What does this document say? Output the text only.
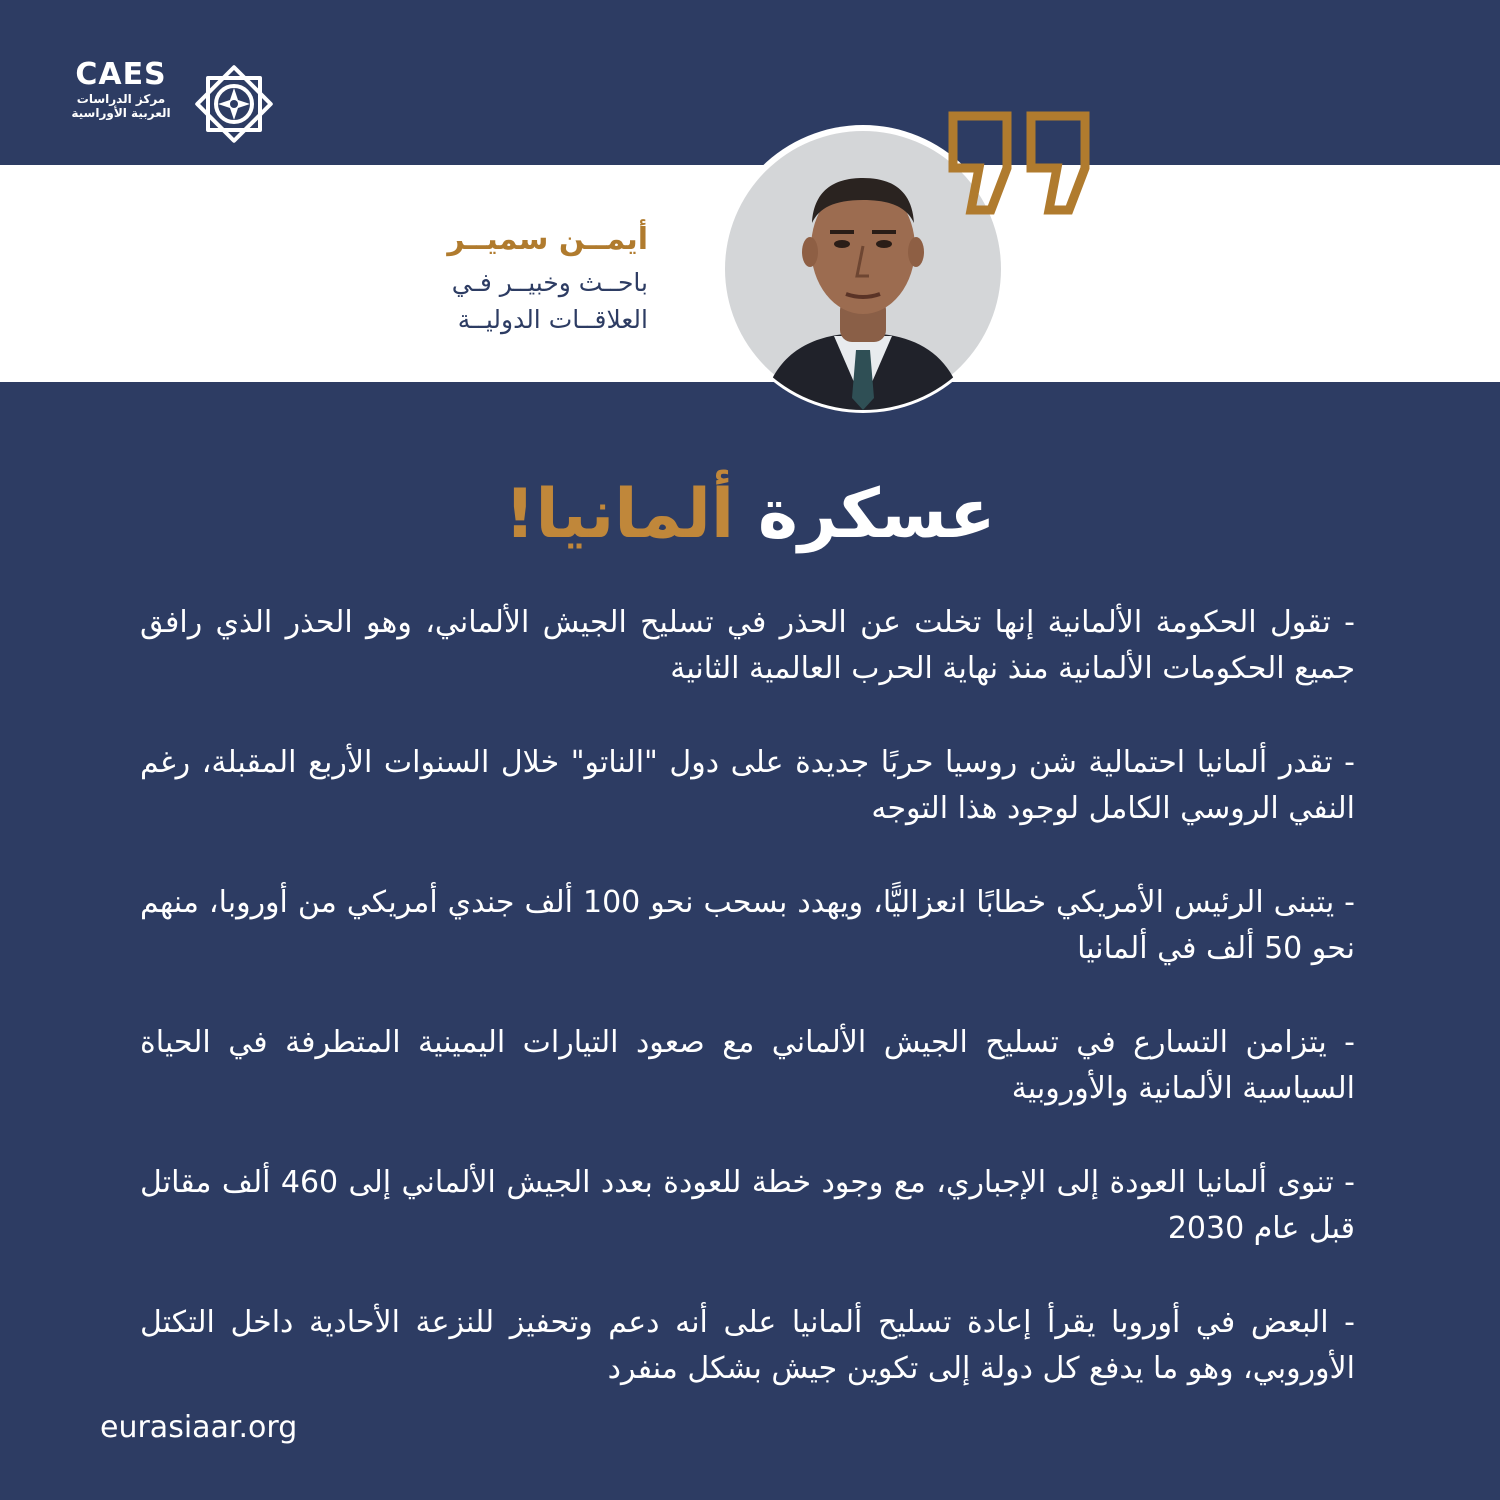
CAES
مركز الدراسات
العربية الأوراسية
أيمــن سميــر
باحــث وخبيــر فـي
العلاقــات الدوليــة
عسكرة ألمانيا!

- تقول الحكومة الألمانية إنها تخلت عن الحذر في تسليح الجيش الألماني، وهو الحذر الذي رافق جميع الحكومات الألمانية منذ نهاية الحرب العالمية الثانية

- تقدر ألمانيا احتمالية شن روسيا حربًا جديدة على دول "الناتو" خلال السنوات الأربع المقبلة، رغم النفي الروسي الكامل لوجود هذا التوجه

- يتبنى الرئيس الأمريكي خطابًا انعزاليًّا، ويهدد بسحب نحو 100 ألف جندي أمريكي من أوروبا، منهم نحو 50 ألف في ألمانيا

- يتزامن التسارع في تسليح الجيش الألماني مع صعود التيارات اليمينية المتطرفة في الحياة السياسية الألمانية والأوروبية

- تنوى ألمانيا العودة إلى الإجباري، مع وجود خطة للعودة بعدد الجيش الألماني إلى 460 ألف مقاتل قبل عام 2030

- البعض في أوروبا يقرأ إعادة تسليح ألمانيا على أنه دعم وتحفيز للنزعة الأحادية داخل التكتل الأوروبي، وهو ما يدفع كل دولة إلى تكوين جيش بشكل منفرد

eurasiaar.org
